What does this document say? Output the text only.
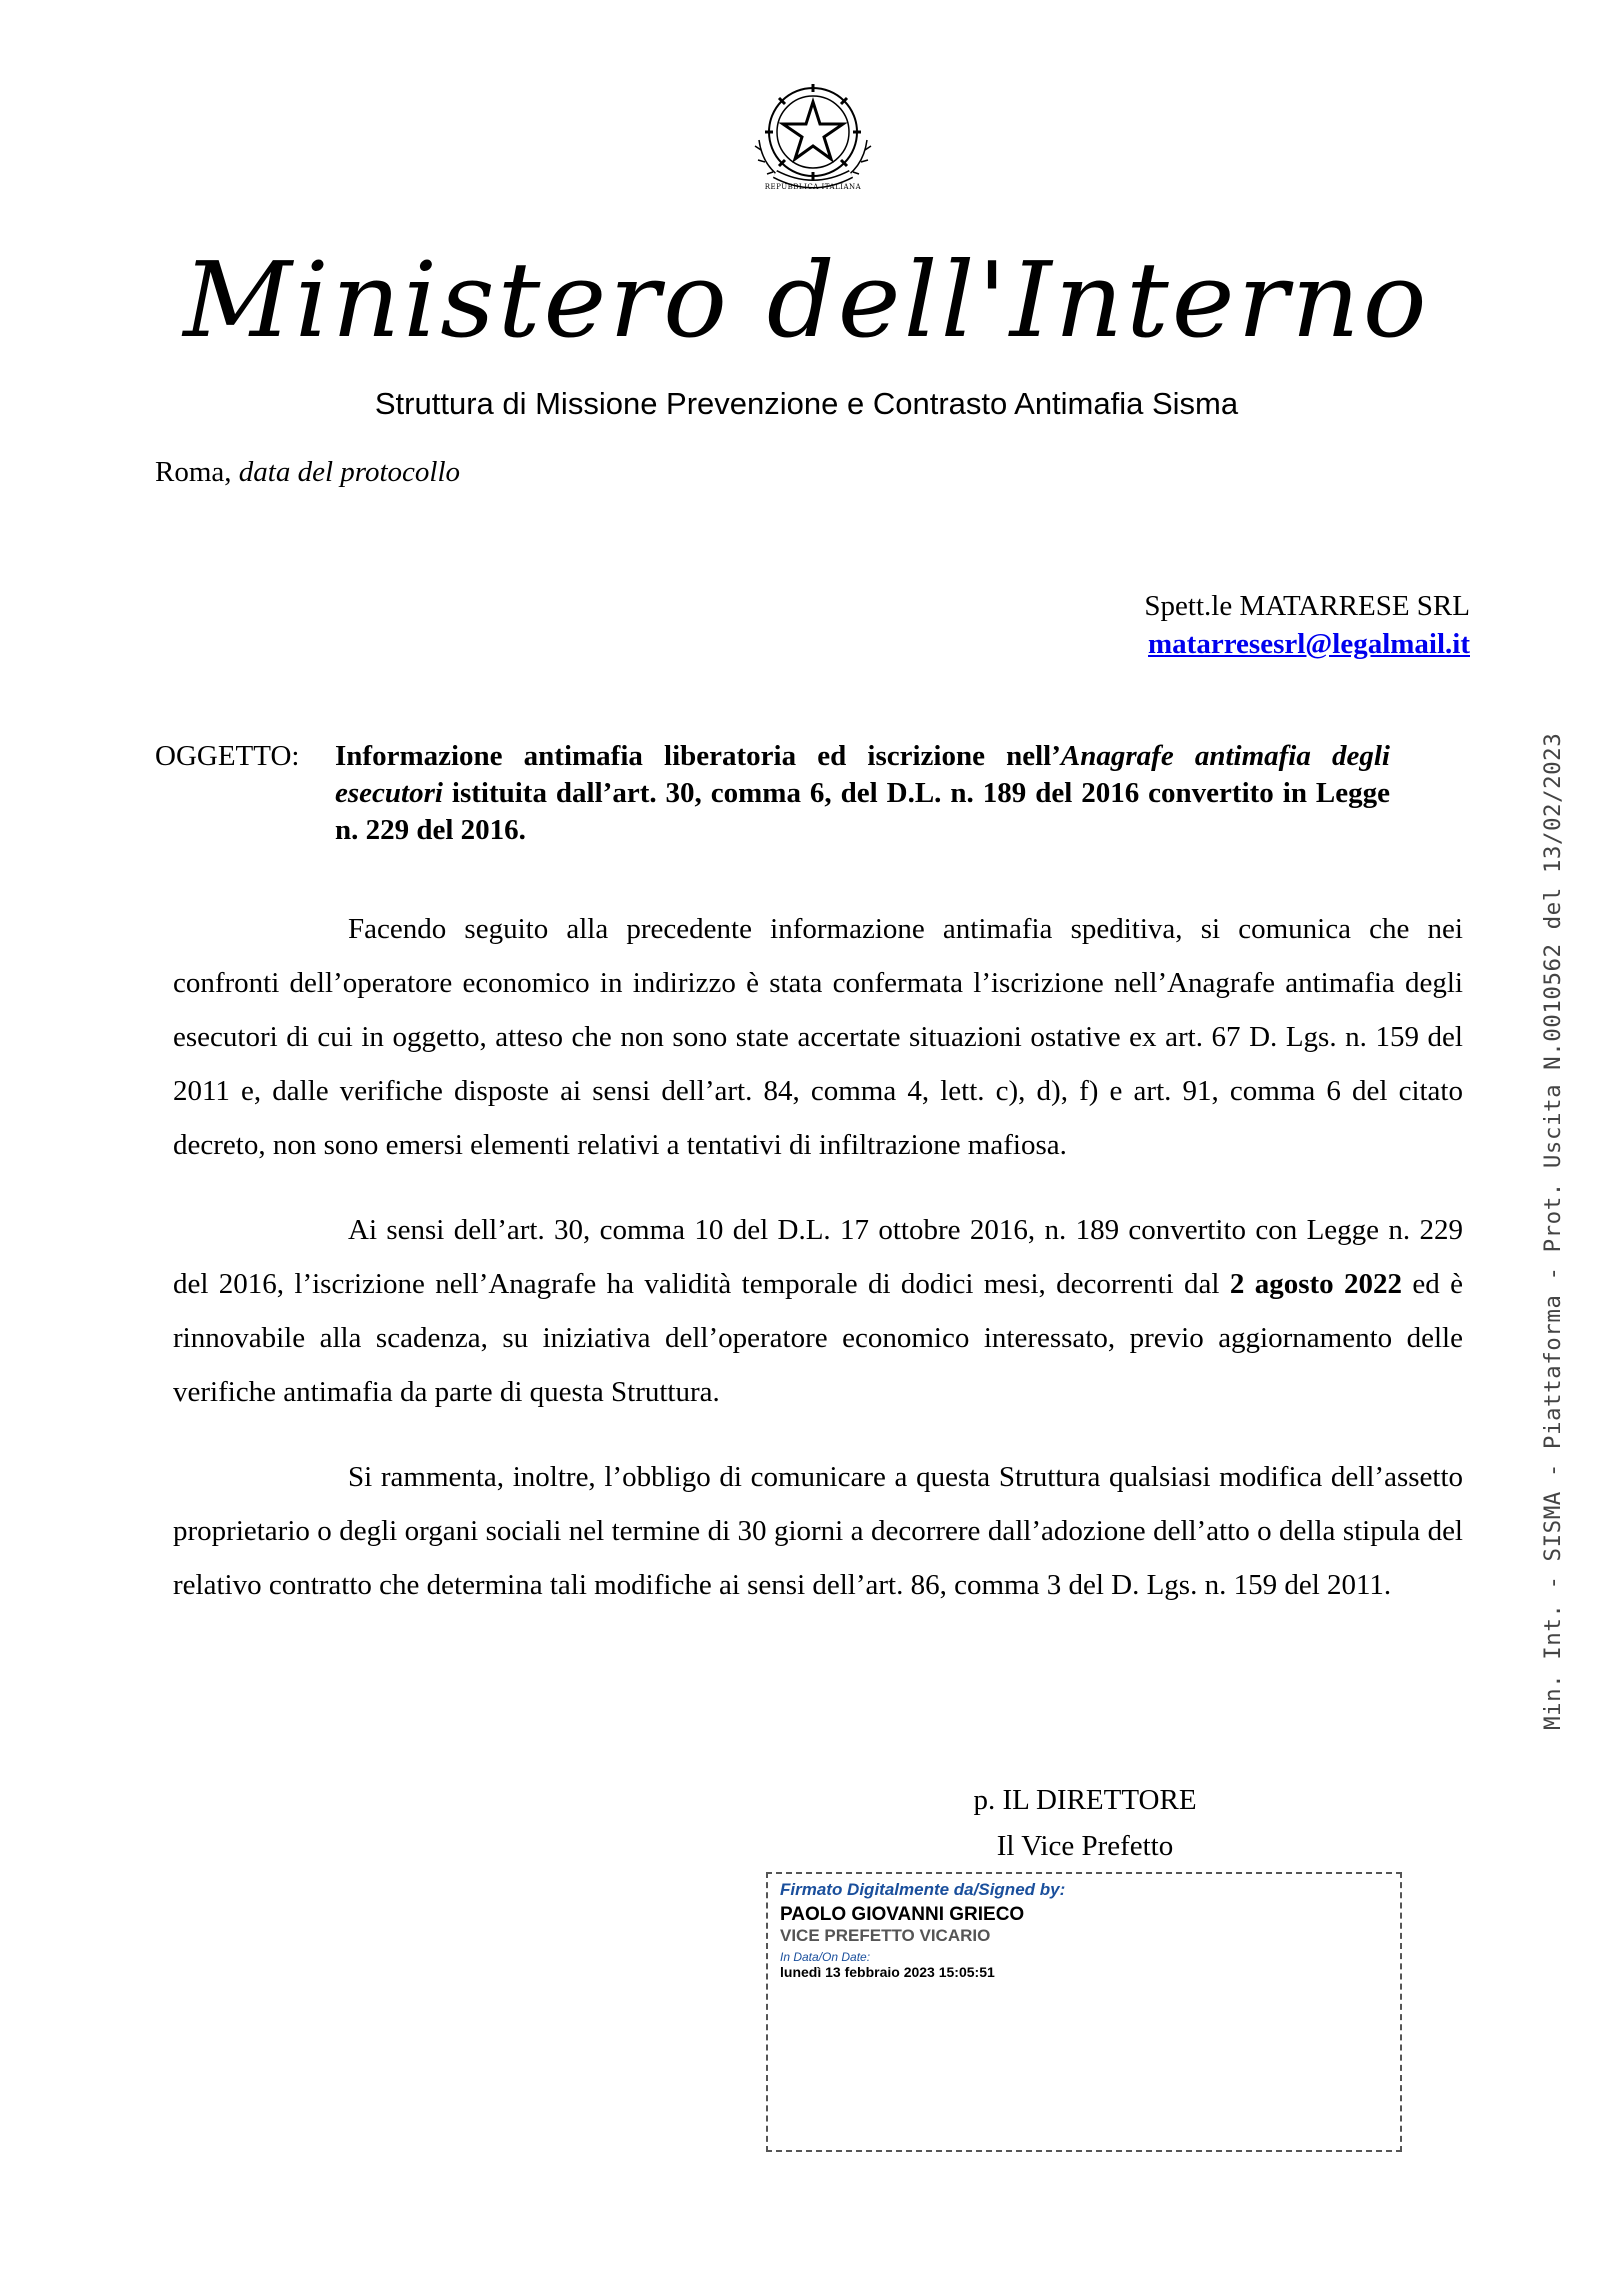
REPUBBLICA ITALIANA
Ministero dell'Interno
Struttura di Missione Prevenzione e Contrasto Antimafia Sisma
Roma, data del protocollo
Spett.le MATARRESE SRL
matarresesrl@legalmail.it
OGGETTO: Informazione antimafia liberatoria ed iscrizione nell’Anagrafe antimafia degli esecutori istituita dall’art. 30, comma 6, del D.L. n. 189 del 2016 convertito in Legge n. 229 del 2016.

Facendo seguito alla precedente informazione antimafia speditiva, si comunica che nei confronti dell’operatore economico in indirizzo è stata confermata l’iscrizione nell’Anagrafe antimafia degli esecutori di cui in oggetto, atteso che non sono state accertate situazioni ostative ex art. 67 D. Lgs. n. 159 del 2011 e, dalle verifiche disposte ai sensi dell’art. 84, comma 4, lett. c), d), f) e art. 91, comma 6 del citato decreto, non sono emersi elementi relativi a tentativi di infiltrazione mafiosa.

Ai sensi dell’art. 30, comma 10 del D.L. 17 ottobre 2016, n. 189 convertito con Legge n. 229 del 2016, l’iscrizione nell’Anagrafe ha validità temporale di dodici mesi, decorrenti dal 2 agosto 2022 ed è rinnovabile alla scadenza, su iniziativa dell’operatore economico interessato, previo aggiornamento delle verifiche antimafia da parte di questa Struttura.

Si rammenta, inoltre, l’obbligo di comunicare a questa Struttura qualsiasi modifica dell’assetto proprietario o degli organi sociali nel termine di 30 giorni a decorrere dall’adozione dell’atto o della stipula del relativo contratto che determina tali modifiche ai sensi dell’art. 86, comma 3 del D. Lgs. n. 159 del 2011.

p. IL DIRETTORE
Il Vice Prefetto
Firmato Digitalmente da/Signed by:
PAOLO GIOVANNI GRIECO
VICE PREFETTO VICARIO
In Data/On Date:
lunedì 13 febbraio 2023 15:05:51
Min. Int. - SISMA - Piattaforma - Prot. Uscita N.0010562 del 13/02/2023
